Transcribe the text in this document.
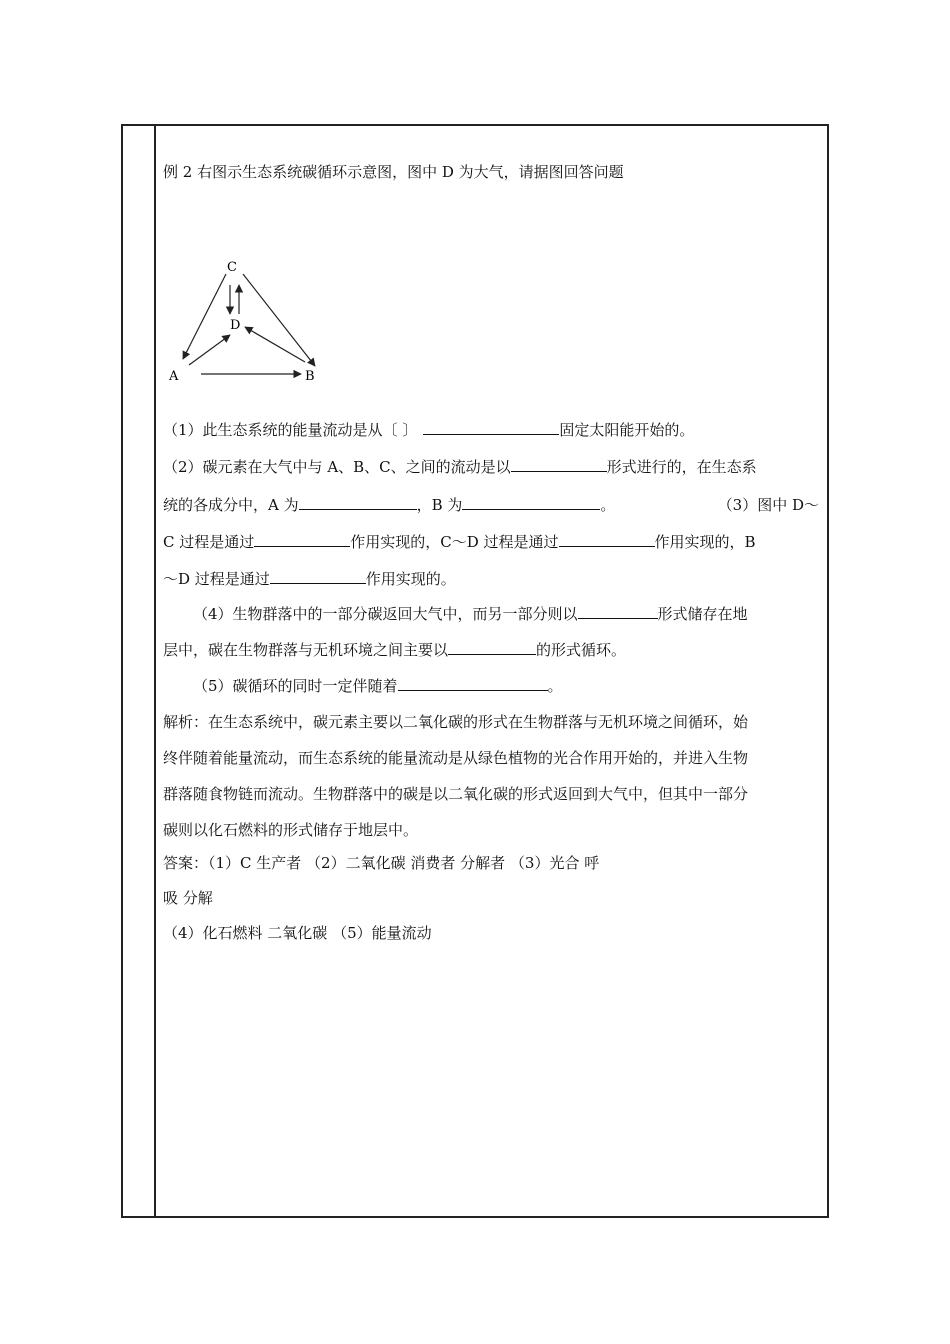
例 2 右图示生态系统碳循环示意图，图中 D 为大气，请据图回答问题
C
D
A	B
（1）此生态系统的能量流动是从〔 〕	固定太阳能开始的。
（2）碳元素在大气中与 A、B、C、之间的流动是以	形式进行的，在生态系
统的各成分中，A 为	，B 为	。	（3）图中 D～
C 过程是通过	作用实现的，C～D 过程是通过	作用实现的，B
～D 过程是通过	作用实现的。
（4）生物群落中的一部分碳返回大气中，而另一部分则以	形式储存在地
层中，碳在生物群落与无机环境之间主要以	的形式循环。
（5）碳循环的同时一定伴随着	。
解析：在生态系统中，碳元素主要以二氧化碳的形式在生物群落与无机环境之间循环，始
终伴随着能量流动，而生态系统的能量流动是从绿色植物的光合作用开始的，并进入生物
群落随食物链而流动。生物群落中的碳是以二氧化碳的形式返回到大气中，但其中一部分
碳则以化石燃料的形式储存于地层中。
答案：（1）C 生产者 （2）二氧化碳 消费者 分解者 （3）光合 呼
吸 分解
（4）化石燃料 二氧化碳 （5）能量流动
